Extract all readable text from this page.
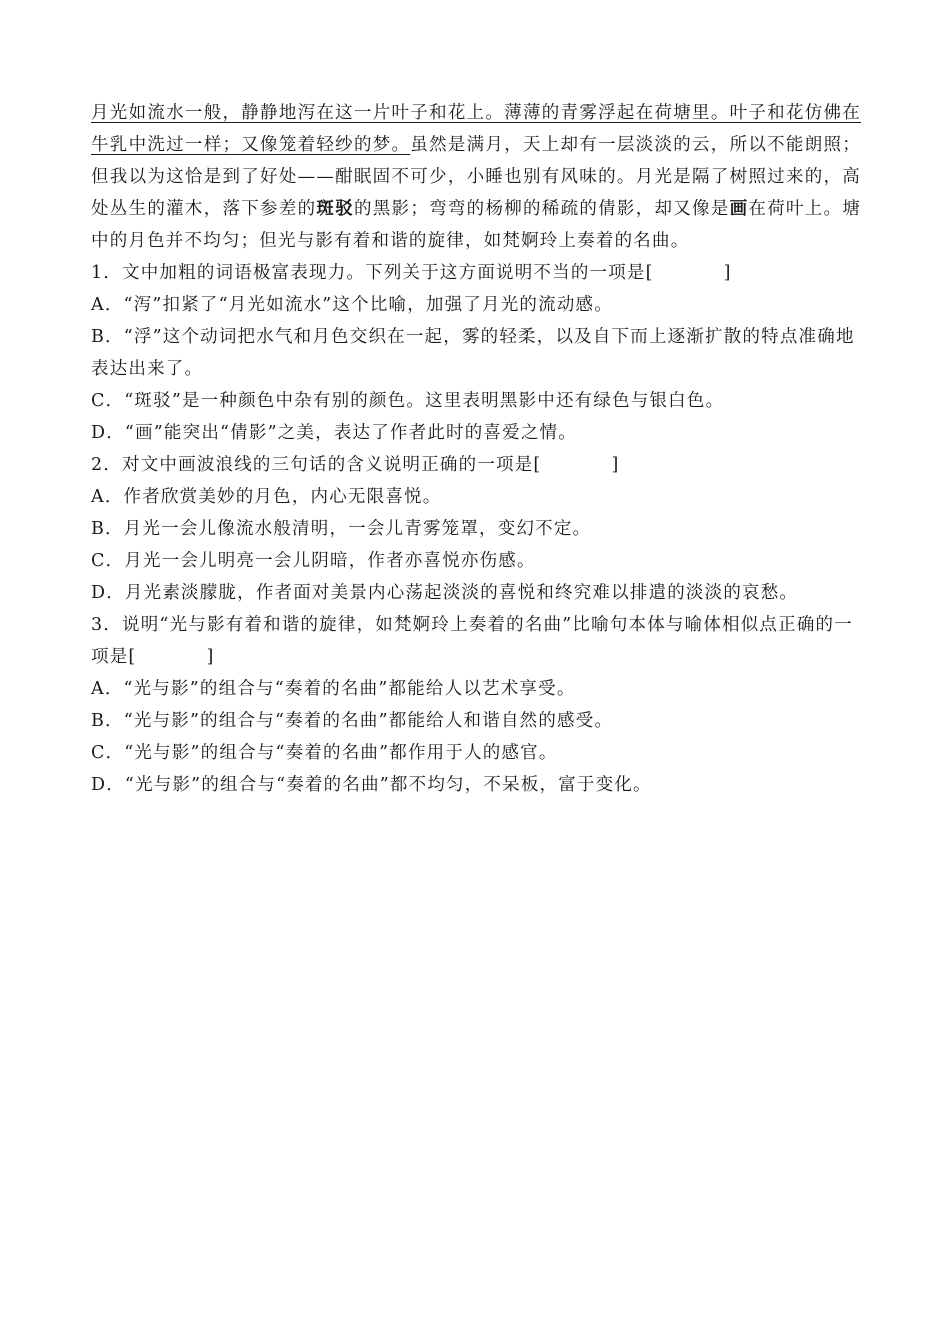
月光如流水一般，静静地泻在这一片叶子和花上。薄薄的青雾浮起在荷塘里。叶子和花仿佛在牛乳中洗过一样；又像笼着轻纱的梦。虽然是满月，天上却有一层淡淡的云，所以不能朗照；但我以为这恰是到了好处——酣眠固不可少，小睡也别有风味的。月光是隔了树照过来的，高处丛生的灌木，落下参差的斑驳的黑影；弯弯的杨柳的稀疏的倩影，却又像是画在荷叶上。塘中的月色并不均匀；但光与影有着和谐的旋律，如梵婀玲上奏着的名曲。

1．文中加粗的词语极富表现力。下列关于这方面说明不当的一项是[	]

A．“泻”扣紧了“月光如流水”这个比喻，加强了月光的流动感。

B．“浮”这个动词把水气和月色交织在一起，雾的轻柔，以及自下而上逐渐扩散的特点准确地表达出来了。

C．“斑驳”是一种颜色中杂有别的颜色。这里表明黑影中还有绿色与银白色。

D．“画”能突出“倩影”之美，表达了作者此时的喜爱之情。

2．对文中画波浪线的三句话的含义说明正确的一项是[	]

A．作者欣赏美妙的月色，内心无限喜悦。

B．月光一会儿像流水般清明，一会儿青雾笼罩，变幻不定。

C．月光一会儿明亮一会儿阴暗，作者亦喜悦亦伤感。

D．月光素淡朦胧，作者面对美景内心荡起淡淡的喜悦和终究难以排遣的淡淡的哀愁。

3．说明“光与影有着和谐的旋律，如梵婀玲上奏着的名曲”比喻句本体与喻体相似点正确的一项是[	]

A．“光与影”的组合与“奏着的名曲”都能给人以艺术享受。

B．“光与影”的组合与“奏着的名曲”都能给人和谐自然的感受。

C．“光与影”的组合与“奏着的名曲”都作用于人的感官。

D．“光与影”的组合与“奏着的名曲”都不均匀，不呆板，富于变化。
